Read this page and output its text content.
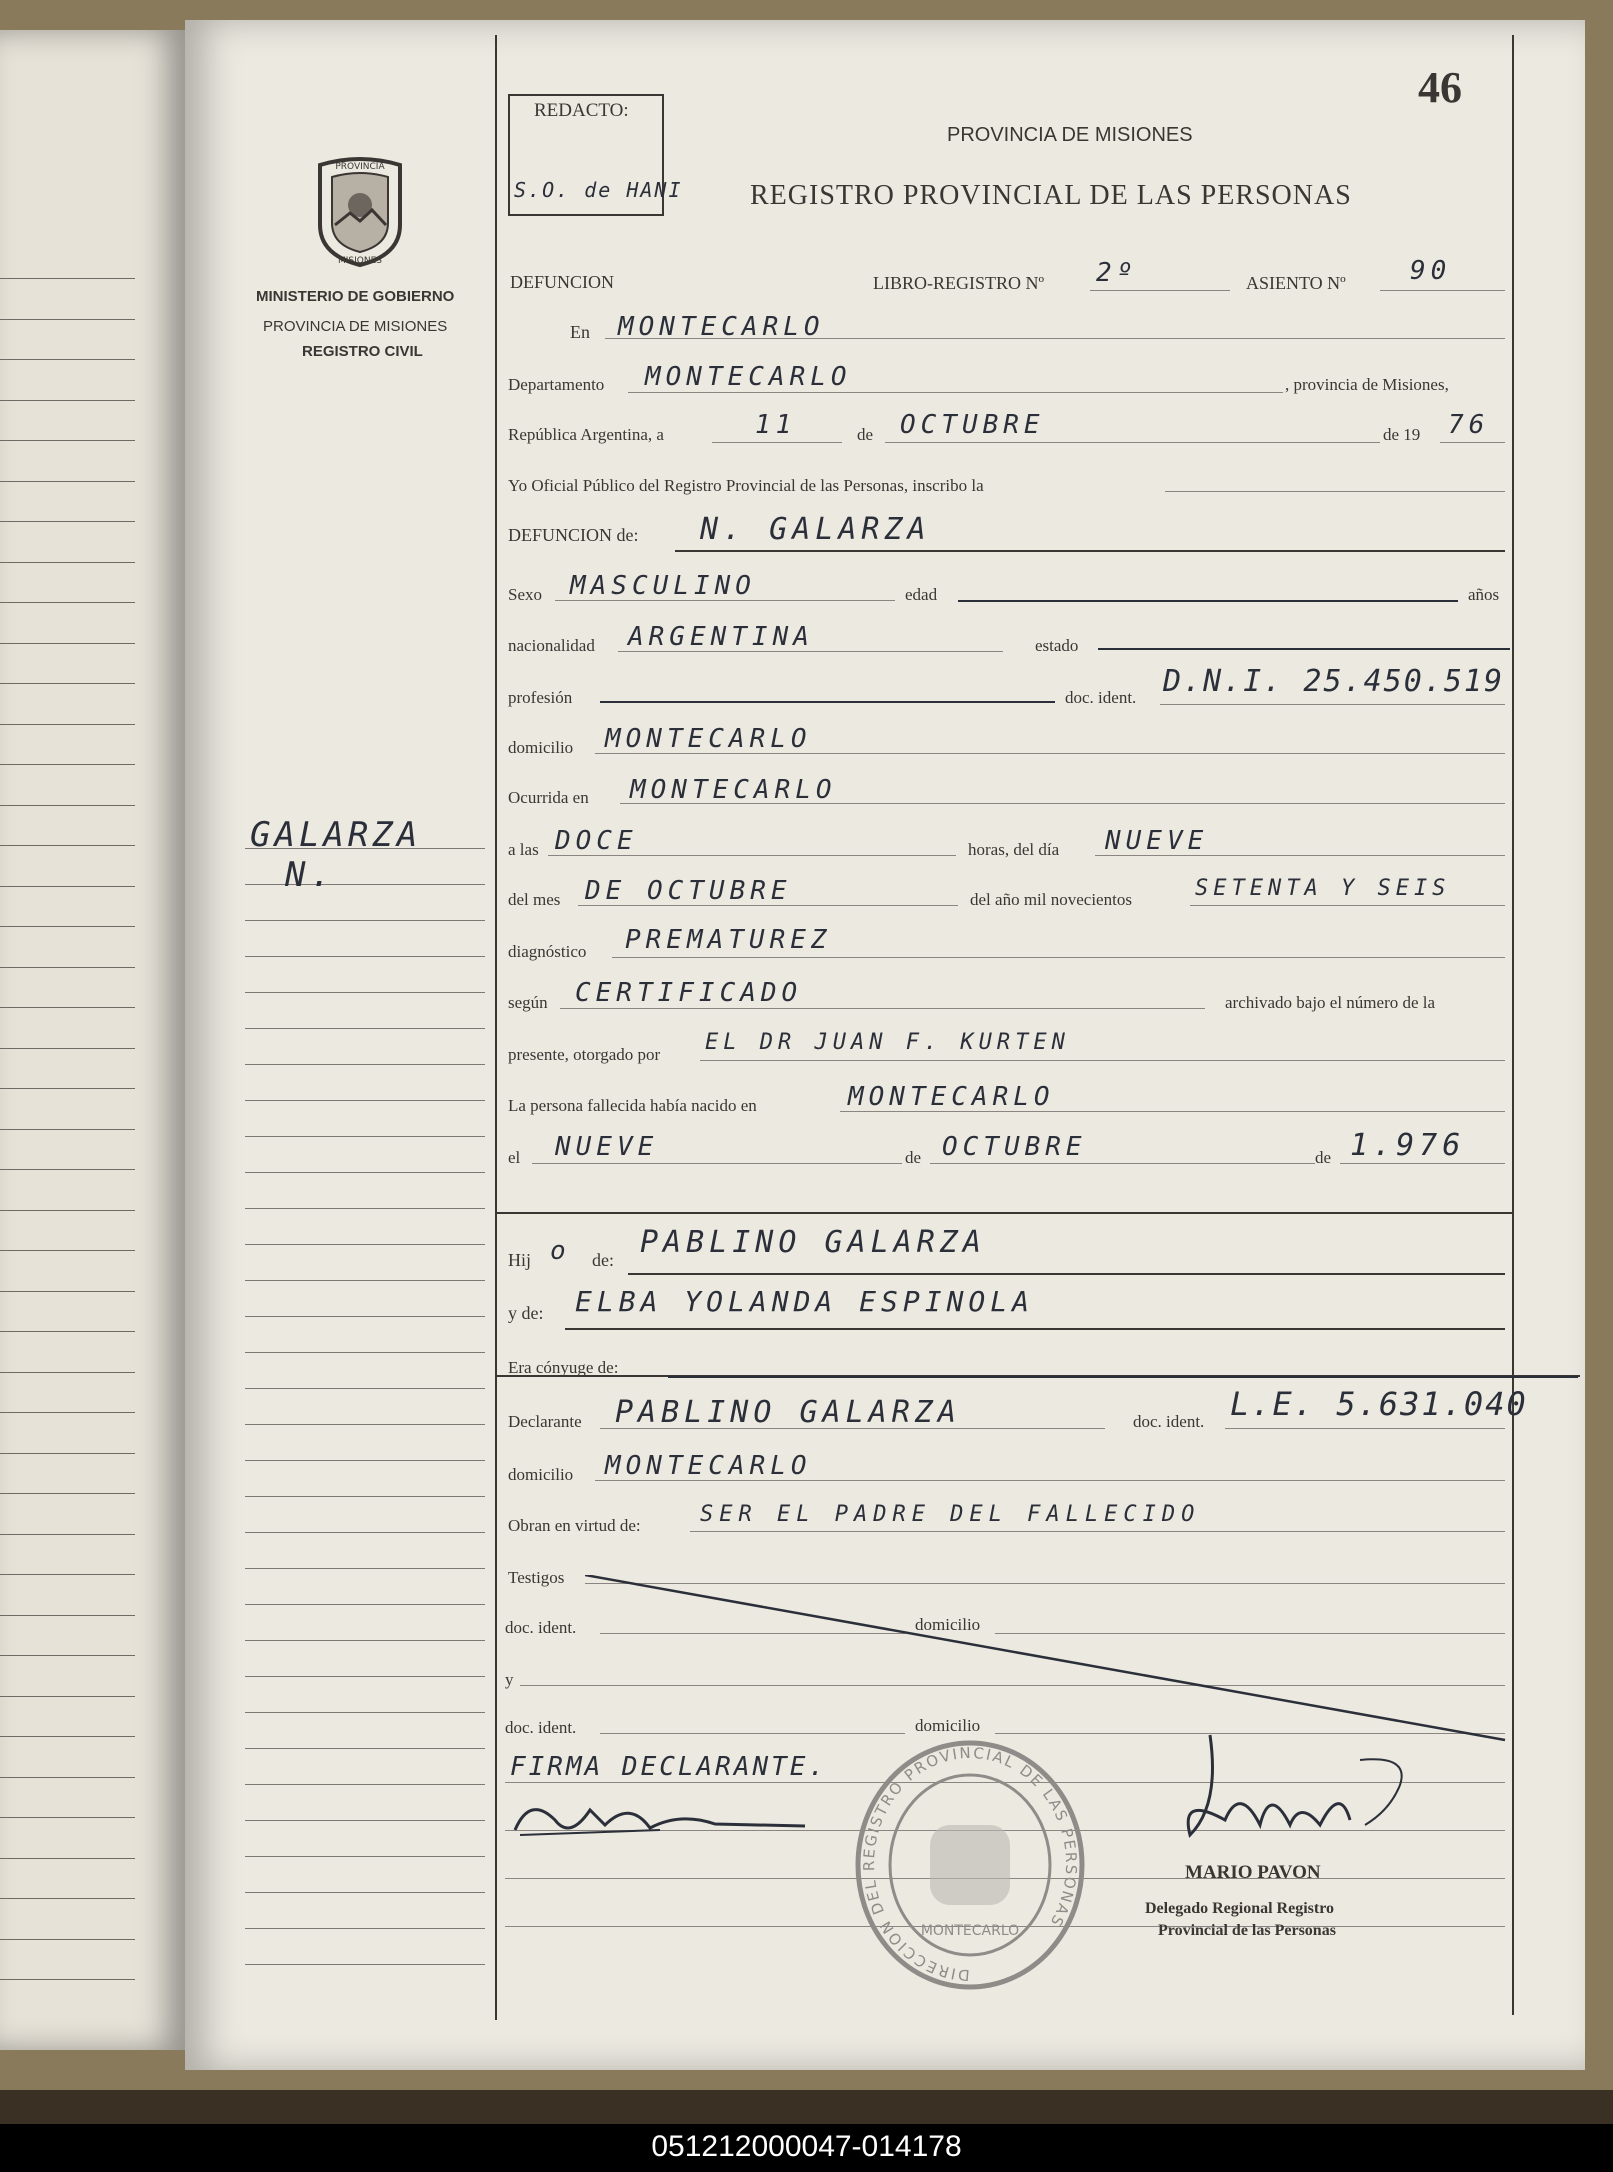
46
REDACTO:
S.O. de HANI
PROVINCIA DE MISIONES
REGISTRO PROVINCIAL DE LAS PERSONAS
PROVINCIA
MISIONES
MINISTERIO DE GOBIERNO
PROVINCIA DE MISIONES
REGISTRO CIVIL
GALARZA
N.
DEFUNCION	LIBRO-REGISTRO Nº 2º	ASIENTO Nº 90
En MONTECARLO
Departamento MONTECARLO	, provincia de Misiones,
República Argentina, a	11	de OCTUBRE	de 19 76
Yo Oficial Público del Registro Provincial de las Personas, inscribo la
DEFUNCION de: N. GALARZA
Sexo MASCULINO	edad	años
nacionalidad ARGENTINA	estado
profesión	doc. ident. D.N.I. 25.450.519
domicilio MONTECARLO
Ocurrida en MONTECARLO
a las DOCE	horas, del día NUEVE
del mes DE OCTUBRE	del año mil novecientos	SETENTA Y SEIS
diagnóstico PREMATUREZ
según CERTIFICADO	archivado bajo el número de la
presente, otorgado por EL DR JUAN F. KURTEN
La persona fallecida había nacido en	MONTECARLO
el NUEVE	de OCTUBRE	de 1.976
Hij o de: PABLINO GALARZA
y de: ELBA YOLANDA ESPINOLA
Era cónyuge de:
Declarante PABLINO GALARZA	doc. ident. L.E. 5.631.040
domicilio MONTECARLO
Obran en virtud de:	SER EL PADRE DEL FALLECIDO
Testigos
doc. ident.	domicilio
y
doc. ident.	domicilio
FIRMA DECLARANTE.
DIRECCION DEL REGISTRO PROVINCIAL DE LAS PERSONAS
MONTECARLO
MARIO PAVON
Delegado Regional Registro
Provincial de las Personas
051212000047-014178
